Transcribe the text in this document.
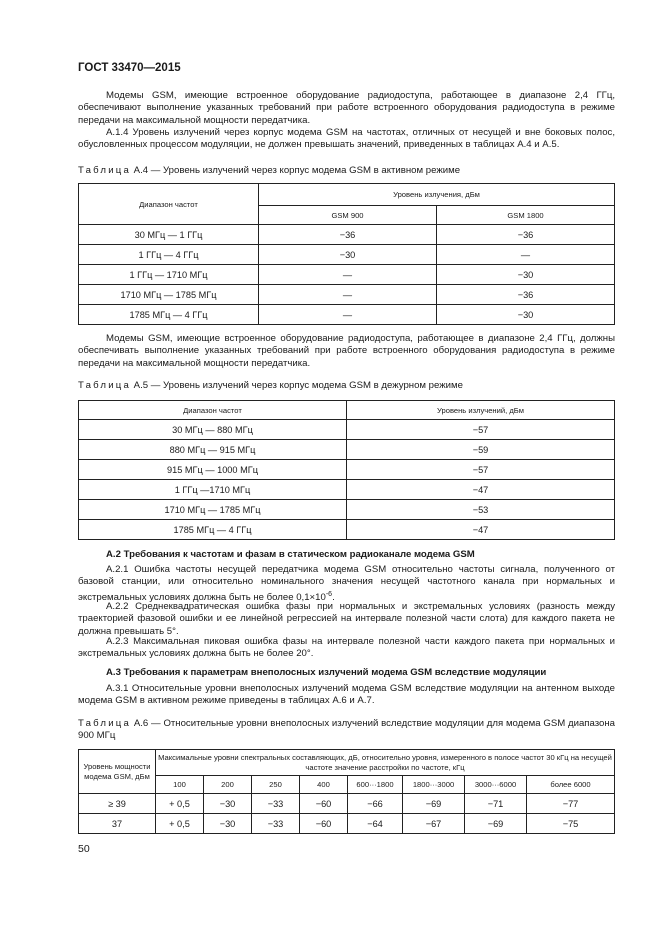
ГОСТ 33470—2015
Модемы GSM, имеющие встроенное оборудование радиодоступа, работающее в диапазоне 2,4 ГГц, обеспечивают выполнение указанных требований при работе встроенного оборудования радиодоступа в режиме передачи на максимальной мощности передатчика.
А.1.4 Уровень излучений через корпус модема GSM на частотах, отличных от несущей и вне боковых полос, обусловленных процессом модуляции, не должен превышать значений, приведенных в таблицах А.4 и А.5.
Таблица А.4 — Уровень излучений через корпус модема GSM в активном режиме
Диапазон частот	Уровень излучения, дБм	
	GSM 900	GSM 1800
30 МГц — 1 ГГц	−36	−36
1 ГГц — 4 ГГц	−30	—
1 ГГц — 1710 МГц	—	−30
1710 МГц — 1785 МГц	—	−36
1785 МГц — 4 ГГц	—	−30
Модемы GSM, имеющие встроенное оборудование радиодоступа, работающее в диапазоне 2,4 ГГц, должны обеспечивать выполнение указанных требований при работе встроенного оборудования радиодоступа в режиме передачи на максимальной мощности передатчика.
Таблица А.5 — Уровень излучений через корпус модема GSM в дежурном режиме
Диапазон частот	Уровень излучений, дБм
30 МГц — 880 МГц	−57
880 МГц — 915 МГц	−59
915 МГц — 1000 МГц	−57
1 ГГц —1710 МГц	−47
1710 МГц — 1785 МГц	−53
1785 МГц — 4 ГГц	−47
А.2 Требования к частотам и фазам в статическом радиоканале модема GSM
А.2.1 Ошибка частоты несущей передатчика модема GSM относительно частоты сигнала, полученного от базовой станции, или относительно номинального значения несущей частотного канала при нормальных и экстремальных условиях должна быть не более $0,1\times 10^{-6}$.
А.2.2 Среднеквадратическая ошибка фазы при нормальных и экстремальных условиях (разность между траекторией фазовой ошибки и ее линейной регрессией на интервале полезной части слота) для каждого пакета не должна превышать 5°.
А.2.3 Максимальная пиковая ошибка фазы на интервале полезной части каждого пакета при нормальных и экстремальных условиях должна быть не более 20°.
А.3 Требования к параметрам внеполосных излучений модема GSM вследствие модуляции
А.3.1 Относительные уровни внеполосных излучений модема GSM вследствие модуляции на антенном выходе модема GSM в активном режиме приведены в таблицах А.6 и А.7.
Таблица А.6 — Относительные уровни внеполосных излучений вследствие модуляции для модема GSM диапазона 900 МГц
Уровень мощности модема GSM, дБм	Максимальные уровни спектральных составляющих, дБ, относительно уровня, измеренного в полосе частот 30 кГц на несущей частоте значение расстройки по частоте, кГц							
	100	200	250	400	600···1800	1800···3000	3000···6000	более 6000
≥ 39	+ 0,5	−30	−33	−60	−66	−69	−71	−77
37	+ 0,5	−30	−33	−60	−64	−67	−69	−75
50
